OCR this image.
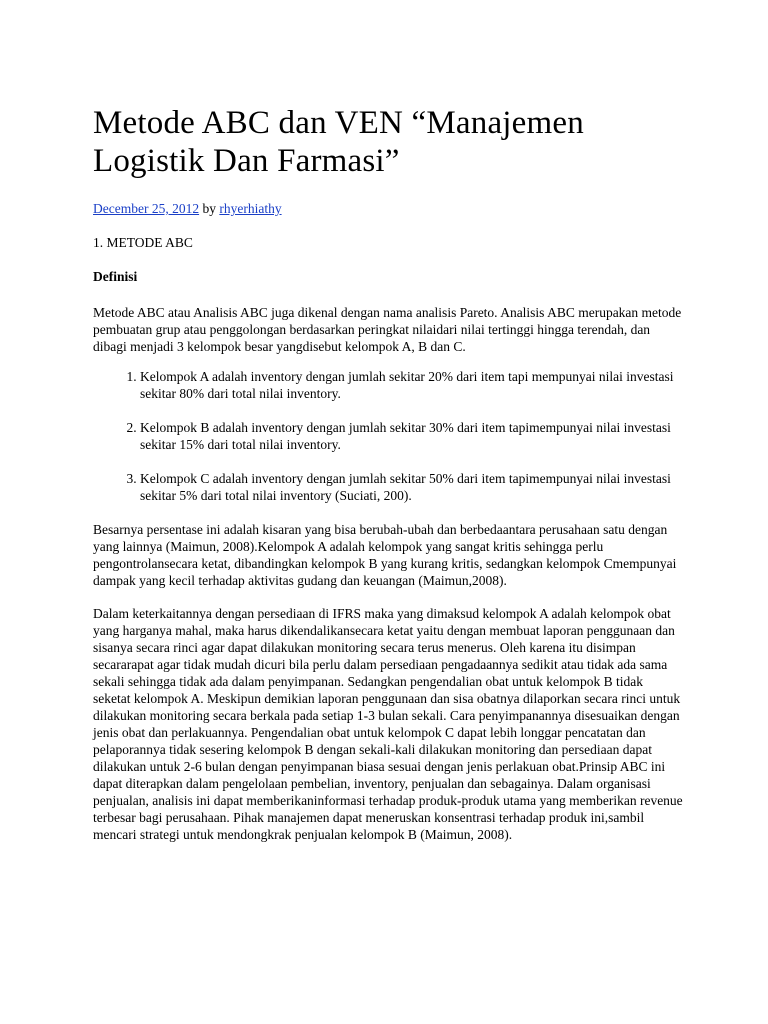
Metode ABC dan VEN “Manajemen Logistik Dan Farmasi”
December 25, 2012 by rhyerhiathy
1. METODE ABC
Definisi

Metode ABC atau Analisis ABC juga dikenal dengan nama analisis Pareto. Analisis ABC merupakan metode pembuatan grup atau penggolongan berdasarkan peringkat nilaidari nilai tertinggi hingga terendah, dan dibagi menjadi 3 kelompok besar yangdisebut kelompok A, B dan C.

1. Kelompok A adalah inventory dengan jumlah sekitar 20% dari item tapi mempunyai nilai investasi sekitar 80% dari total nilai inventory.
2. Kelompok B adalah inventory dengan jumlah sekitar 30% dari item tapimempunyai nilai investasi sekitar 15% dari total nilai inventory.
3. Kelompok C adalah inventory dengan jumlah sekitar 50% dari item tapimempunyai nilai investasi sekitar 5% dari total nilai inventory (Suciati, 200).

Besarnya persentase ini adalah kisaran yang bisa berubah-ubah dan berbedaantara perusahaan satu dengan yang lainnya (Maimun, 2008).Kelompok A adalah kelompok yang sangat kritis sehingga perlu pengontrolansecara ketat, dibandingkan kelompok B yang kurang kritis, sedangkan kelompok Cmempunyai dampak yang kecil terhadap aktivitas gudang dan keuangan (Maimun,2008).

Dalam keterkaitannya dengan persediaan di IFRS maka yang dimaksud kelompok A adalah kelompok obat yang harganya mahal, maka harus dikendalikansecara ketat yaitu dengan membuat laporan penggunaan dan sisanya secara rinci agar dapat dilakukan monitoring secara terus menerus. Oleh karena itu disimpan secararapat agar tidak mudah dicuri bila perlu dalam persediaan pengadaannya sedikit atau tidak ada sama sekali sehingga tidak ada dalam penyimpanan. Sedangkan pengendalian obat untuk kelompok B tidak seketat kelompok A. Meskipun demikian laporan penggunaan dan sisa obatnya dilaporkan secara rinci untuk dilakukan monitoring secara berkala pada setiap 1-3 bulan sekali. Cara penyimpanannya disesuaikan dengan jenis obat dan perlakuannya. Pengendalian obat untuk kelompok C dapat lebih longgar pencatatan dan pelaporannya tidak sesering kelompok B dengan sekali-kali dilakukan monitoring dan persediaan dapat dilakukan untuk 2-6 bulan dengan penyimpanan biasa sesuai dengan jenis perlakuan obat.Prinsip ABC ini dapat diterapkan dalam pengelolaan pembelian, inventory, penjualan dan sebagainya. Dalam organisasi penjualan, analisis ini dapat memberikaninformasi terhadap produk-produk utama yang memberikan revenue terbesar bagi perusahaan. Pihak manajemen dapat meneruskan konsentrasi terhadap produk ini,sambil mencari strategi untuk mendongkrak penjualan kelompok B (Maimun, 2008).
